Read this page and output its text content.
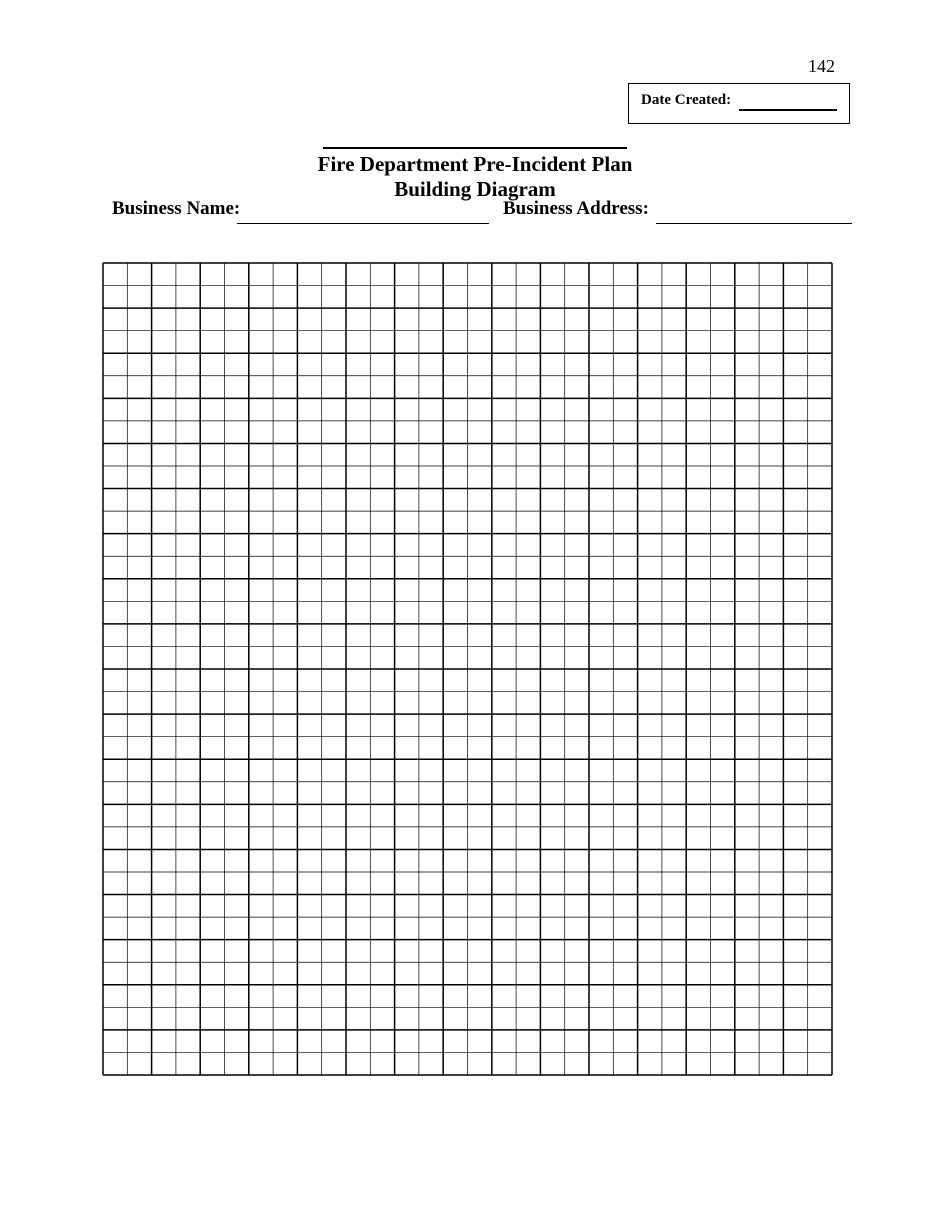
142
Date Created:
Fire Department Pre-Incident Plan
Building Diagram
Business Name:	Business Address:
